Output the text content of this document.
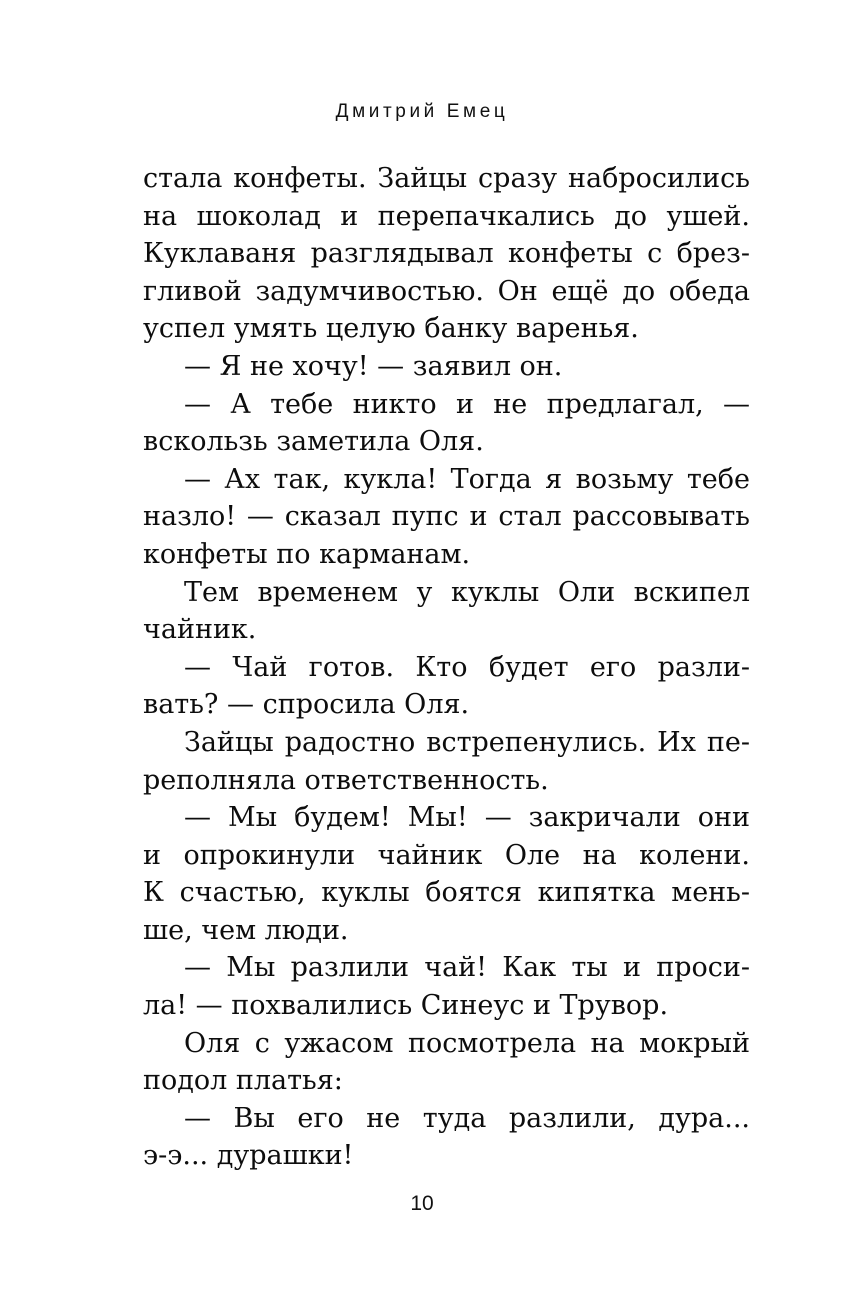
Дмитрий Емец
стала конфеты. Зайцы сразу набросились
на шоколад и перепачкались до ушей.
Куклаваня разглядывал конфеты с брез-
гливой задумчивостью. Он ещё до обеда
успел умять целую банку варенья.
— Я не хочу! — заявил он.
— А тебе никто и не предлагал, —
вскользь заметила Оля.
— Ах так, кукла! Тогда я возьму тебе
назло! — сказал пупс и стал рассовывать
конфеты по карманам.
Тем временем у куклы Оли вскипел
чайник.
— Чай готов. Кто будет его разли-
вать? — спросила Оля.
Зайцы радостно встрепенулись. Их пе-
реполняла ответственность.
— Мы будем! Мы! — закричали они
и опрокинули чайник Оле на колени.
К счастью, куклы боятся кипятка мень-
ше, чем люди.
— Мы разлили чай! Как ты и проси-
ла! — похвалились Синеус и Трувор.
Оля с ужасом посмотрела на мокрый
подол платья:
— Вы его не туда разлили, дура...
э-э... дурашки!
10
